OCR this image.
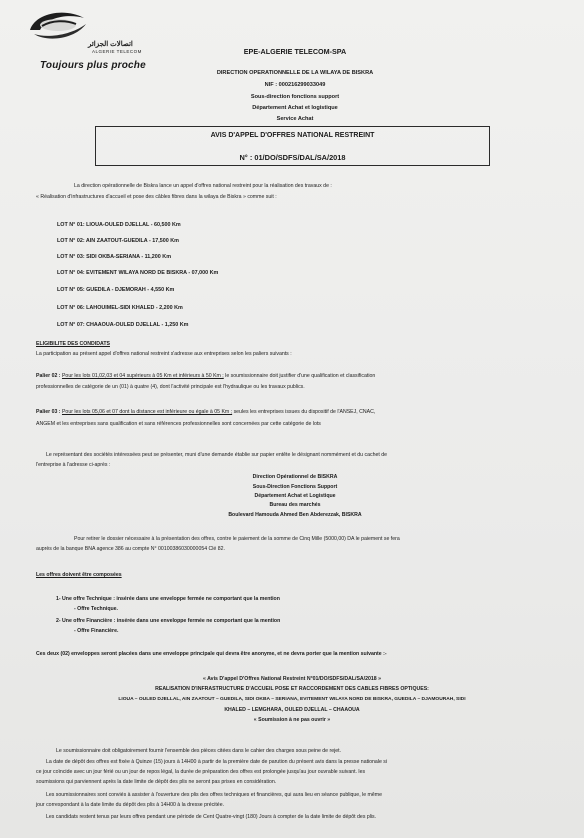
اتصالات الجزائر
ALGERIE TELECOM
Toujours plus proche
EPE-ALGERIE TELECOM-SPA
DIRECTION OPERATIONNELLE DE LA WILAYA DE BISKRA
NIF : 000216299033049
Sous-direction fonctions support
Département Achat et logistique
Service Achat
AVIS D'APPEL D'OFFRES NATIONAL RESTREINT
N° : 01/DO/SDFS/DAL/SA/2018
La direction opérationnelle de Biskra lance un appel d'offres national restreint pour la réalisation des travaux de :
« Réalisation d'infrastructures d'accueil et pose des câbles fibres dans la wilaya de Biskra » comme suit :
LOT N° 01: LIOUA-OULED DJELLAL - 60,500 Km
LOT N° 02: AIN ZAATOUT-GUEDILA - 17,500 Km
LOT N° 03: SIDI OKBA-SERIANA - 11,200 Km
LOT N° 04: EVITEMENT WILAYA NORD DE BISKRA - 07,000 Km
LOT N° 05: GUEDILA - DJEMORAH - 4,550 Km
LOT N° 06: LAHOUIMEL-SIDI KHALED - 2,200 Km
LOT N° 07: CHAAOUA-OULED DJELLAL - 1,250 Km
ELIGIBILITE DES CONDIDATS
La participation au présent appel d'offres national restreint s'adresse aux entreprises selon les paliers suivants :
Palier 02 : Pour les lots 01,02,03 et 04 supérieurs à 05 Km et inférieurs à 50 Km ; le soumissionnaire doit justifier d'une qualification et classification
professionnelles de catégorie de un (01) à quatre (4), dont l'activité principale est l'hydraulique ou les travaux publics.
Palier 03 : Pour les lots 05,06 et 07 dont la distance est inférieure ou égale à 05 Km ; seules les entreprises issues du dispositif de l'ANSEJ, CNAC,
ANGEM et les entreprises sans qualification et sans références professionnelles sont concernées par cette catégorie de lots
Le représentant des sociétés intéressées peut se présenter, muni d'une demande établie sur papier entête le désignant nommément et du cachet de
l'entreprise à l'adresse ci-après :
Direction Opérationnel de BISKRA
Sous-Direction Fonctions Support
Département Achat et Logistique
Bureau des marchés
Boulevard Hamouda Ahmed Ben Abderezzak, BISKRA
Pour retirer le dossier nécessaire à la présentation des offres, contre le paiement de la somme de Cinq Mille (5000,00) DA le paiement se fera
auprès de la banque BNA agence 386 au compte N° 00100386030000054 Clé 82.
Les offres doivent être composées
1- Une offre Technique : insérée dans une enveloppe fermée ne comportant que la mention
- Offre Technique.
2- Une offre Financière : insérée dans une enveloppe fermée ne comportant que la mention
- Offre Financière.
Ces deux (02) enveloppes seront placées dans une enveloppe principale qui devra être anonyme, et ne devra porter que la mention suivante :-
« Avis D'appel D'Offres National Restreint N°01/DO/SDFS/DAL/SA/2018 »
REALISATION D'INFRASTRUCTURE D'ACCUEIL POSE ET RACCORDEMENT DES CABLES FIBRES OPTIQUES:
LIOUA – OULED DJELLAL, AIN ZAATOUT – GUEDILA, SIDI OKBA – SERIANA, EVITEMENT WILAYA NORD DE BISKRA, GUEDILA – DJAMOURAH, SIDI
KHALED – LEMGHARA, OULED DJELLAL – CHAAOUA
« Soumission à ne pas ouvrir »
Le soumissionnaire doit obligatoirement fournir l'ensemble des pièces citées dans le cahier des charges sous peine de rejet.
La date de dépôt des offres est fixée à Quinze (15) jours à 14H00 à partir de la première date de parution du présent avis dans la presse nationale si
ce jour coïncide avec un jour férié ou un jour de repos légal, la durée de préparation des offres est prolongée jusqu'au jour ouvrable suivant. les
soumissions qui parviennent après la date limite de dépôt des plis ne seront pas prises en considération.
Les soumissionnaires sont conviés à assister à l'ouverture des plis des offres techniques et financières, qui aura lieu en séance publique, le même
jour correspondant à la date limite du dépôt des plis à 14H00 à la dresse précitée.
Les candidats restent tenus par leurs offres pendant une période de Cent Quatre-vingt (180) Jours à compter de la date limite de dépôt des plis.
